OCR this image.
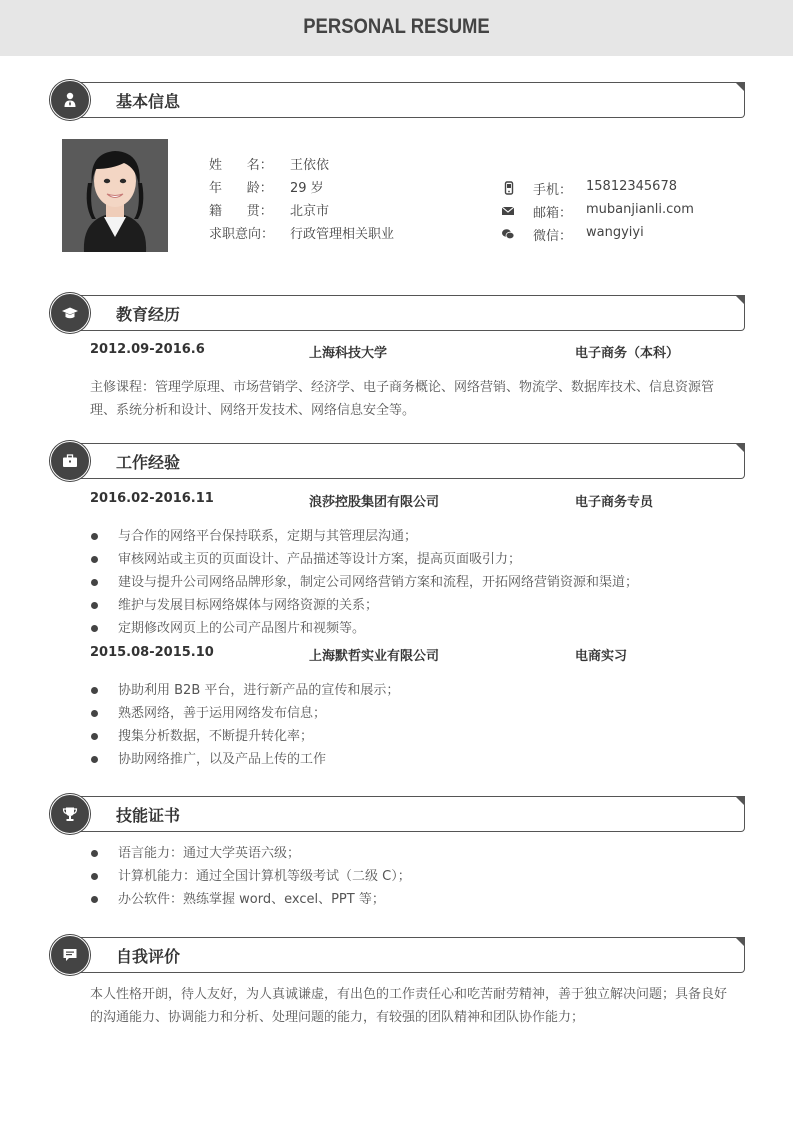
PERSONAL RESUME
基本信息
姓      名： 王依依
年      龄： 29 岁
籍      贯： 北京市
求职意向： 行政管理相关职业
手机： 15812345678
邮箱： mubanjianli.com
微信： wangyiyi
教育经历
2012.09-2016.6	上海科技大学	电子商务（本科）
主修课程：管理学原理、市场营销学、经济学、电子商务概论、网络营销、物流学、数据库技术、信息资源管理、系统分析和设计、网络开发技术、网络信息安全等。
工作经验
2016.02-2016.11	浪莎控股集团有限公司	电子商务专员
与合作的网络平台保持联系，定期与其管理层沟通；
审核网站或主页的页面设计、产品描述等设计方案，提高页面吸引力；
建设与提升公司网络品牌形象，制定公司网络营销方案和流程，开拓网络营销资源和渠道；
维护与发展目标网络媒体与网络资源的关系；
定期修改网页上的公司产品图片和视频等。
2015.08-2015.10	上海默哲实业有限公司	电商实习
协助利用 B2B 平台，进行新产品的宣传和展示；
熟悉网络，善于运用网络发布信息；
搜集分析数据，不断提升转化率；
协助网络推广，以及产品上传的工作
技能证书
语言能力：通过大学英语六级；
计算机能力：通过全国计算机等级考试（二级 C）；
办公软件：熟练掌握 word、excel、PPT 等；
自我评价
本人性格开朗，待人友好，为人真诚谦虚，有出色的工作责任心和吃苦耐劳精神，善于独立解决问题；具备良好的沟通能力、协调能力和分析、处理问题的能力，有较强的团队精神和团队协作能力；
